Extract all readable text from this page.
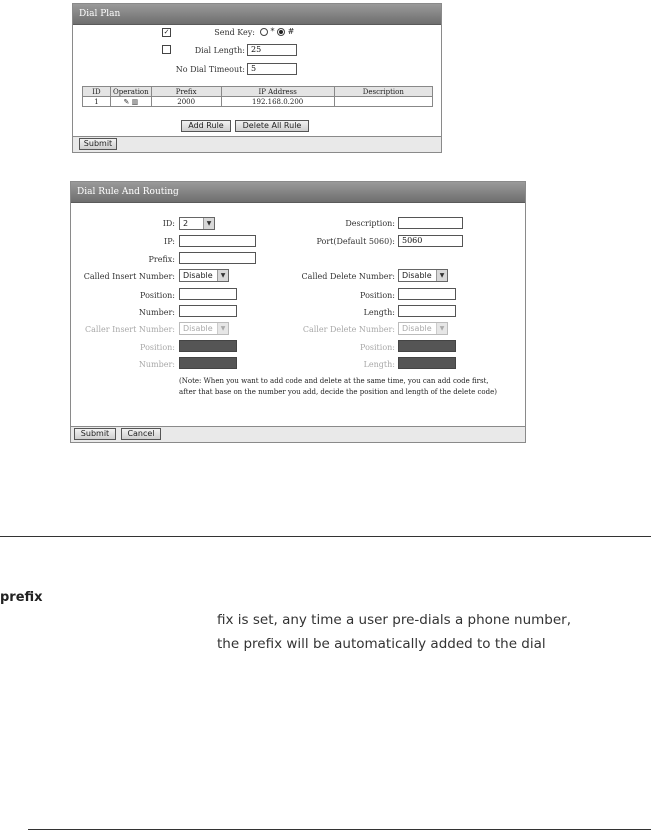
Dial Plan
✓	Send Key:	* #
Dial Length: 25
No Dial Timeout: 5
ID	Operation	Prefix	IP Address	Description
1	✎ ▥	2000	192.168.0.200	
Add Rule	Delete All Rule
Submit
Dial Rule And Routing
ID:	2	▼
IP:
Prefix:
Called Insert Number:	Disable	▼
Position:
Number:
Caller Insert Number:	Disable	▼
Position:
Number:
Description:
Port(Default 5060): 5060
Called Delete Number: Disable	▼
Position:
Length:
Caller Delete Number: Disable	▼
Position:
Length:
(Note: When you want to add code and delete at the same time, you can add code first,
after that base on the number you add, decide the position and length of the delete code)
Submit	Cancel
prefix
fix is set, any time a user pre-dials a phone number,
the prefix will be automatically added to the dial
